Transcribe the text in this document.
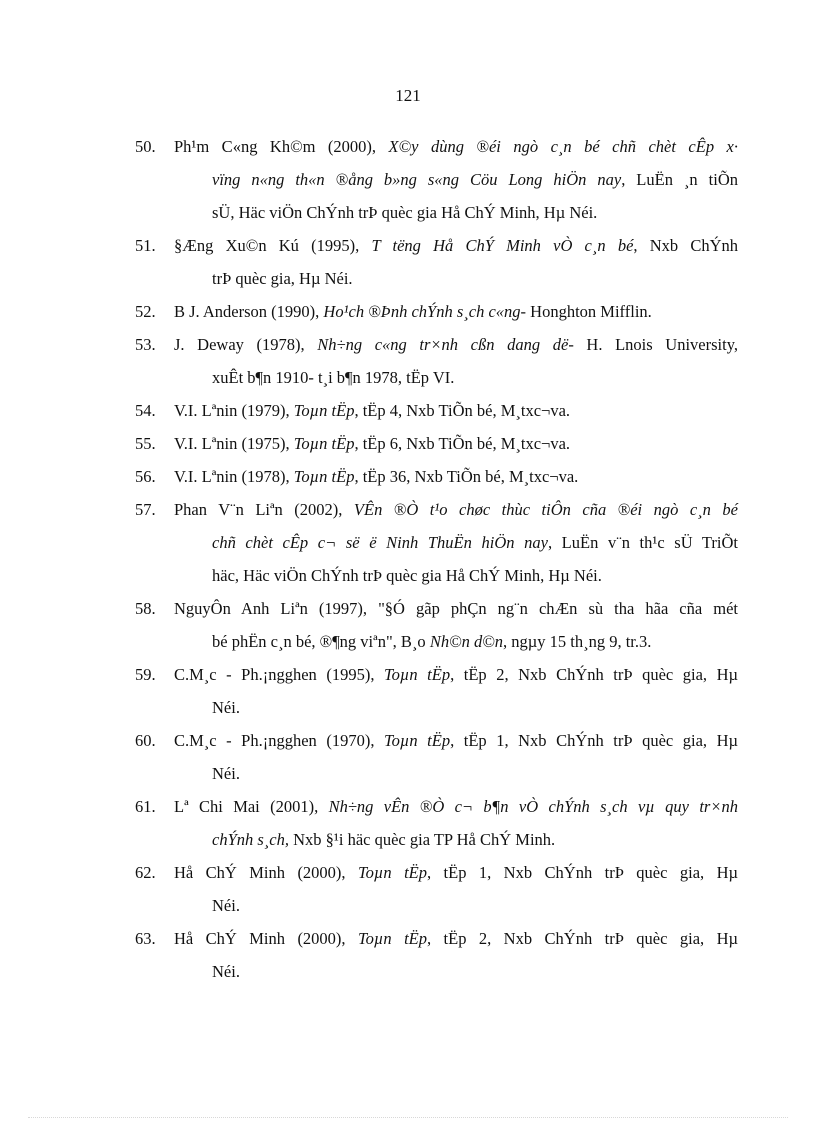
121
50. Ph¹m C«ng Kh©m (2000), X©y dùng ®éi ngò c¸n bé chñ chèt cÊp x·
vïng n«ng th«n ®ång b»ng s«ng Cöu Long hiÖn nay, LuËn ¸n tiÕn
sÜ, Häc viÖn ChÝnh trÞ quèc gia Hå ChÝ Minh, Hµ Néi.
51. §Æng Xu©n Kú (1995), T tëng Hå ChÝ Minh vÒ c¸n bé, Nxb ChÝnh
trÞ quèc gia, Hµ Néi.
52. B J. Anderson (1990), Ho¹ch ®Þnh chÝnh s¸ch c«ng- Honghton Mifflin.
53. J. Deway (1978), Nh÷ng c«ng tr×nh cßn dang dë- H. Lnois University,
xuÊt b¶n 1910- t¸i b¶n 1978, tËp VI.
54. V.I. Lªnin (1979), Toµn tËp, tËp 4, Nxb TiÕn bé, M¸txc¬va.
55. V.I. Lªnin (1975), Toµn tËp, tËp 6, Nxb TiÕn bé, M¸txc¬va.
56. V.I. Lªnin (1978), Toµn tËp, tËp 36, Nxb TiÕn bé, M¸txc¬va.
57. Phan V¨n Liªn (2002), VÊn ®Ò t¹o chøc thùc tiÔn cña ®éi ngò c¸n bé
chñ chèt cÊp c¬ së ë Ninh ThuËn hiÖn nay, LuËn v¨n th¹c sÜ TriÕt
häc, Häc viÖn ChÝnh trÞ quèc gia Hå ChÝ Minh, Hµ Néi.
58. NguyÔn Anh Liªn (1997), "§Ó gãp phÇn ng¨n chÆn sù tha hãa cña mét
bé phËn c¸n bé, ®¶ng viªn", B¸o Nh©n d©n, ngµy 15 th¸ng 9, tr.3.
59. C.M¸c - Ph.¡ngghen (1995), Toµn tËp, tËp 2, Nxb ChÝnh trÞ quèc gia, Hµ
Néi.
60. C.M¸c - Ph.¡ngghen (1970), Toµn tËp, tËp 1, Nxb ChÝnh trÞ quèc gia, Hµ
Néi.
61. Lª Chi Mai (2001), Nh÷ng vÊn ®Ò c¬ b¶n vÒ chÝnh s¸ch vµ quy tr×nh
chÝnh s¸ch, Nxb §¹i häc quèc gia TP Hå ChÝ Minh.
62. Hå ChÝ Minh (2000), Toµn tËp, tËp 1, Nxb ChÝnh trÞ quèc gia, Hµ
Néi.
63. Hå ChÝ Minh (2000), Toµn tËp, tËp 2, Nxb ChÝnh trÞ quèc gia, Hµ
Néi.
